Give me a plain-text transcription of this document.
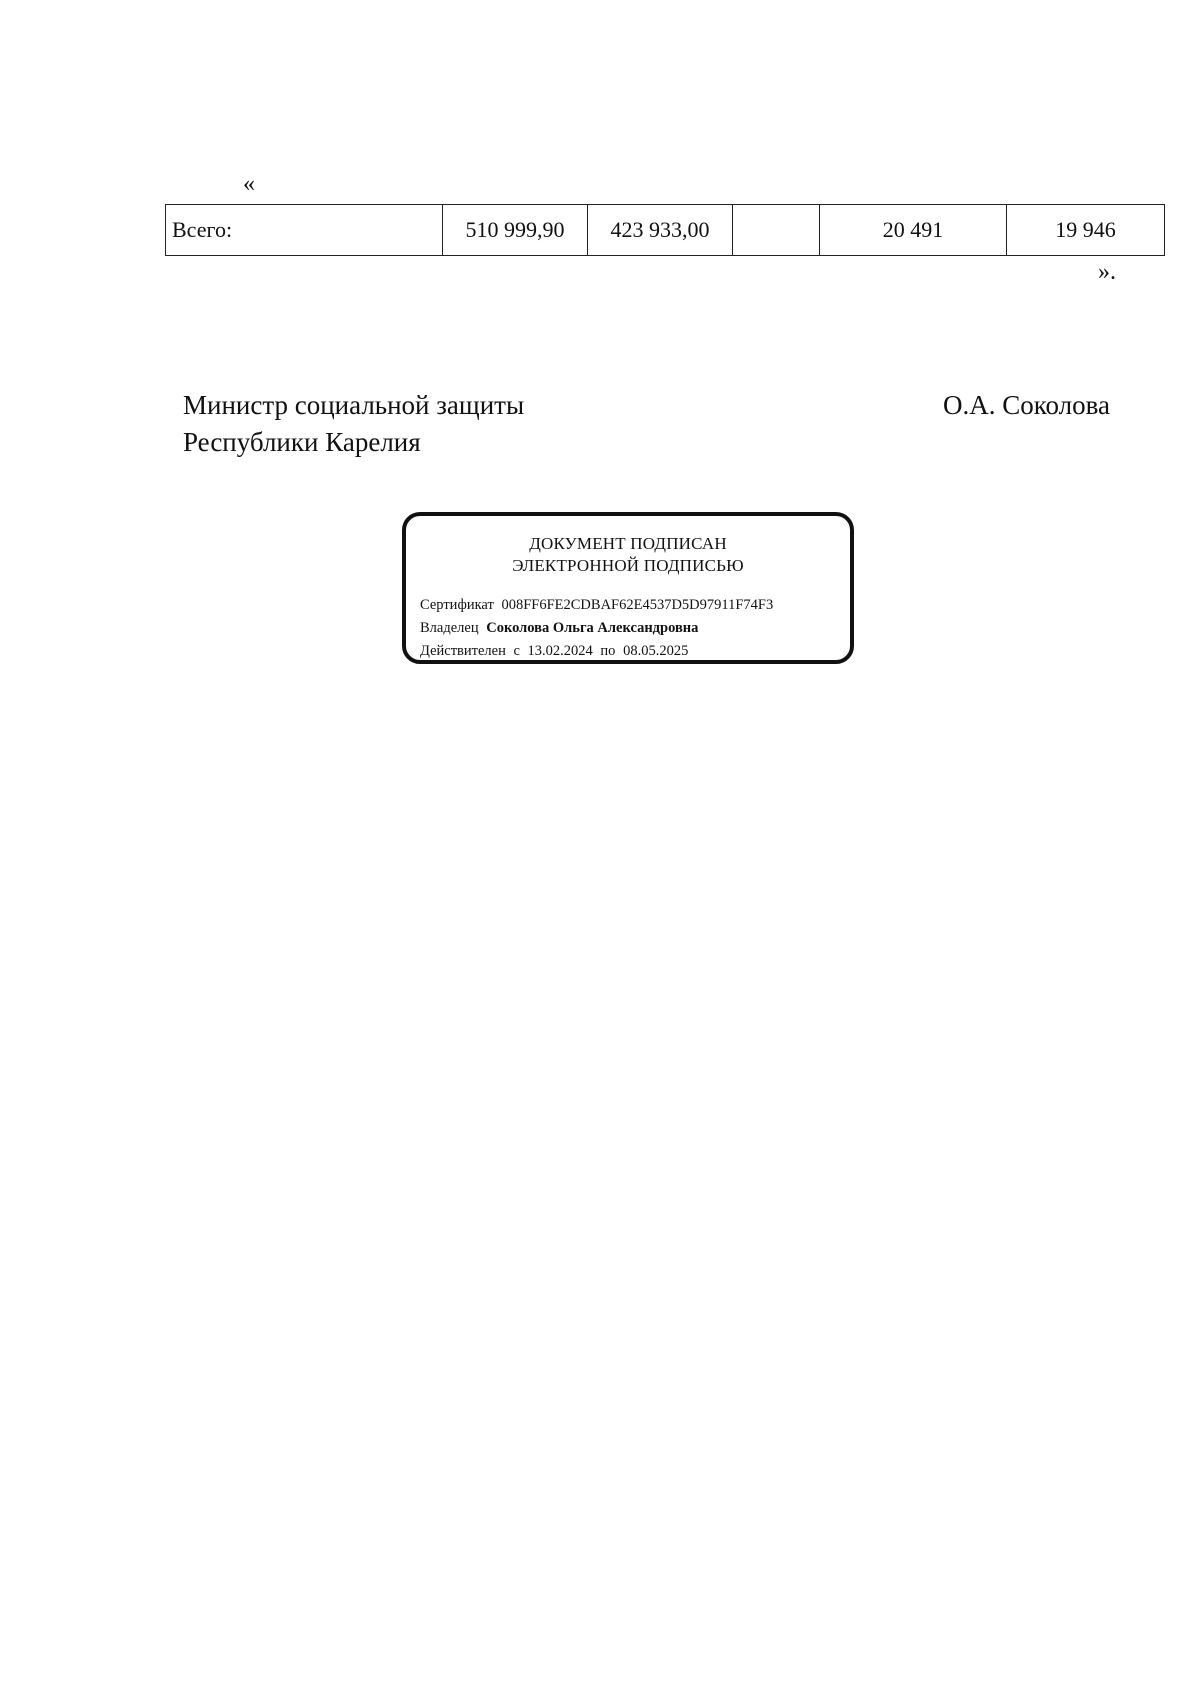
«
Всего:	510 999,90	423 933,00		20 491	19 946
».
Министр социальной защиты
Республики Карелия
О.А. Соколова
ДОКУМЕНТ ПОДПИСАН
ЭЛЕКТРОННОЙ ПОДПИСЬЮ
Сертификат 008FF6FE2CDBAF62E4537D5D97911F74F3
Владелец Соколова Ольга Александровна
Действителен с 13.02.2024 по 08.05.2025
